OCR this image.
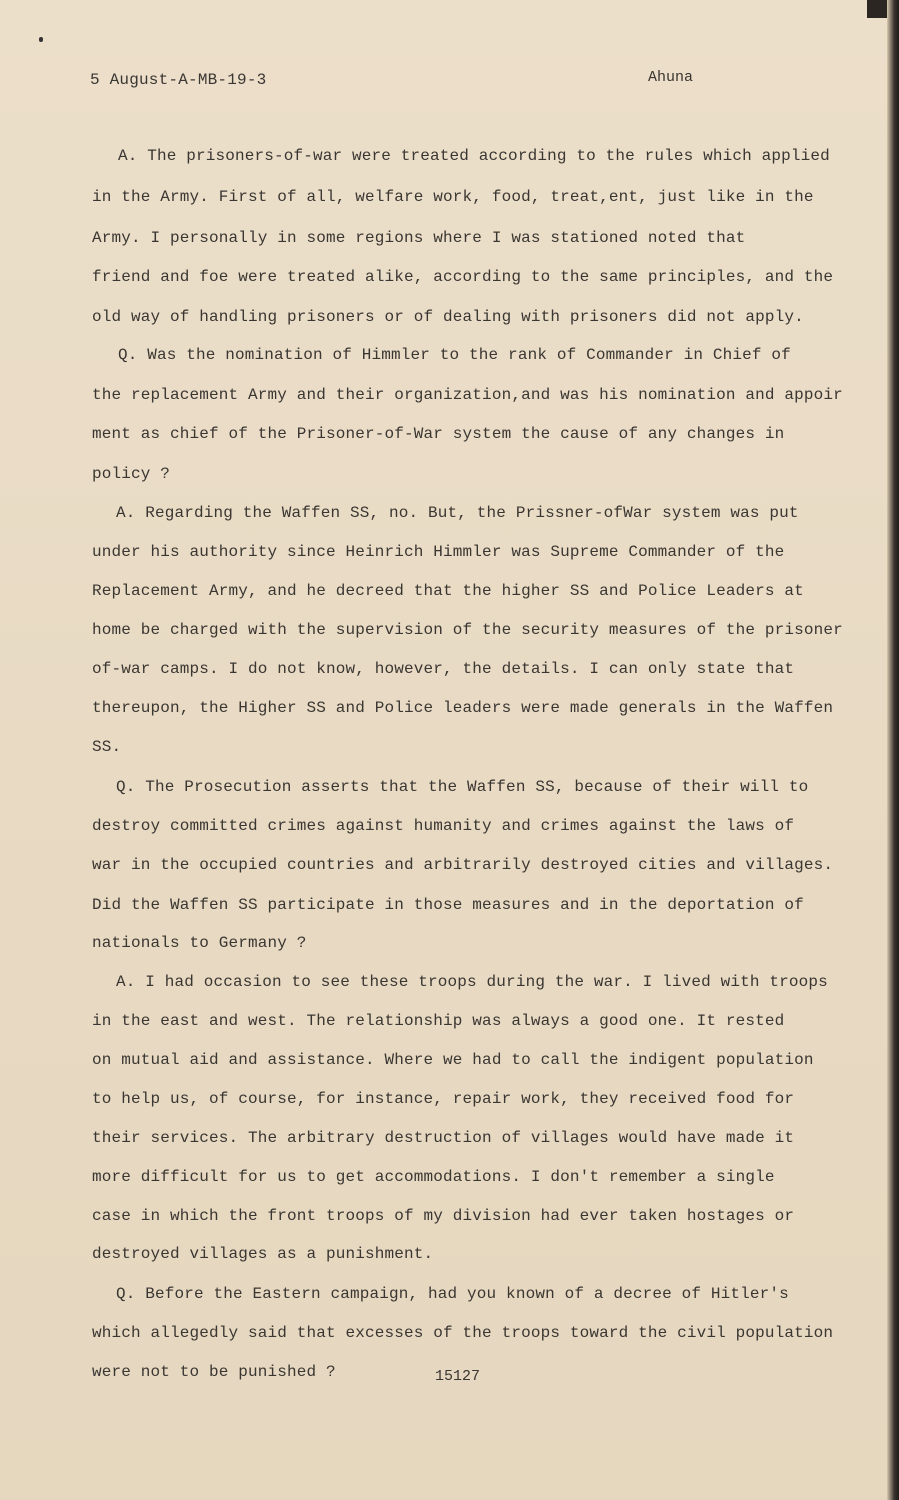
5 August-A-MB-19-3	Ahuna
A. The prisoners-of-war were treated according to the rules which applied
in the Army. First of all, welfare work, food, treat,ent, just like in the
Army. I personally in some regions where I was stationed noted that
friend and foe were treated alike, according to the same principles, and the
old way of handling prisoners or of dealing with prisoners did not apply.
Q. Was the nomination of Himmler to the rank of Commander in Chief of
the replacement Army and their organization,and was his nomination and appoir
ment as chief of the Prisoner-of-War system the cause of any changes in
policy ?
A. Regarding the Waffen SS, no. But, the Prissner-ofWar system was put
under his authority since Heinrich Himmler was Supreme Commander of the
Replacement Army, and he decreed that the higher SS and Police Leaders at
home be charged with the supervision of the security measures of the prisoner
of-war camps. I do not know, however, the details. I can only state that
thereupon, the Higher SS and Police leaders were made generals in the Waffen
SS.
Q. The Prosecution asserts that the Waffen SS, because of their will to
destroy committed crimes against humanity and crimes against the laws of
war in the occupied countries and arbitrarily destroyed cities and villages.
Did the Waffen SS participate in those measures and in the deportation of
nationals to Germany ?
A. I had occasion to see these troops during the war. I lived with troops
in the east and west. The relationship was always a good one. It rested
on mutual aid and assistance. Where we had to call the indigent population
to help us, of course, for instance, repair work, they received food for
their services. The arbitrary destruction of villages would have made it
more difficult for us to get accommodations. I don't remember a single
case in which the front troops of my division had ever taken hostages or
destroyed villages as a punishment.
Q. Before the Eastern campaign, had you known of a decree of Hitler's
which allegedly said that excesses of the troops toward the civil population
were not to be punished ?	15127
